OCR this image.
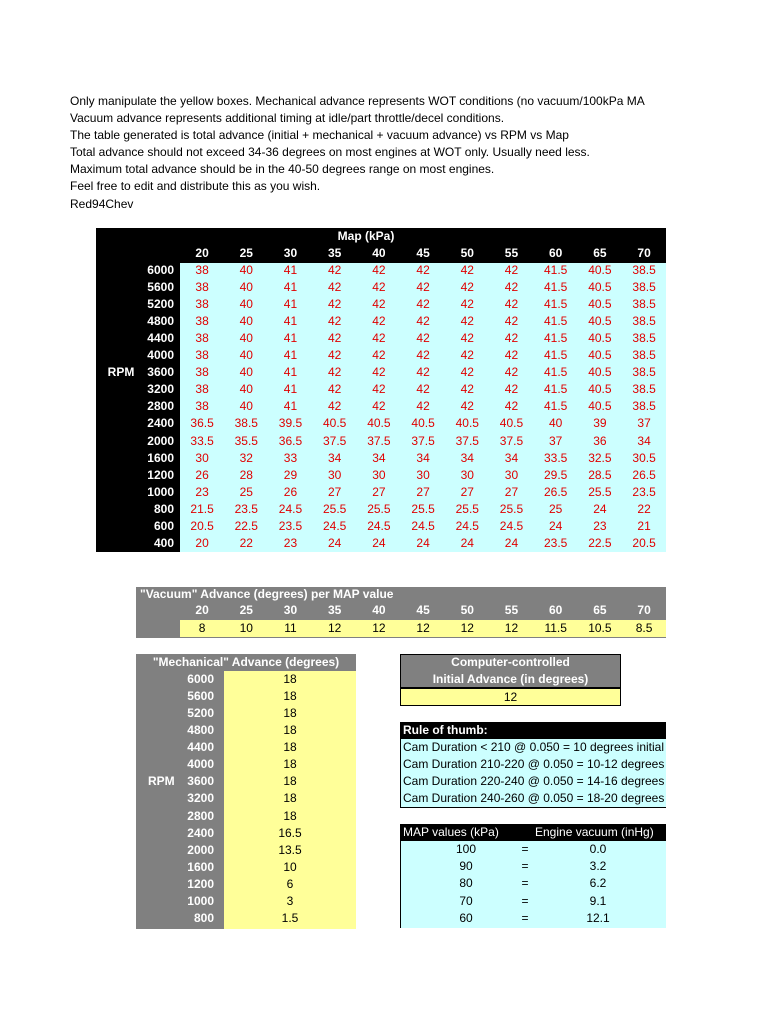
Only manipulate the yellow boxes. Mechanical advance represents WOT conditions (no vacuum/100kPa MA
Vacuum advance represents additional timing at idle/part throttle/decel conditions.
The table generated is total advance (initial + mechanical + vacuum advance) vs RPM vs Map
Total advance should not exceed 34-36 degrees on most engines at WOT only. Usually need less.
Maximum total advance should be in the 40-50 degrees range on most engines.
Feel free to edit and distribute this as you wish.
Red94Chev
Map (kPa)
RPM
20	25	30	35	40	45	50	55	60	65	70
6000	38	40	41	42	42	42	42	42	41.5	40.5	38.5
5600	38	40	41	42	42	42	42	42	41.5	40.5	38.5
5200	38	40	41	42	42	42	42	42	41.5	40.5	38.5
4800	38	40	41	42	42	42	42	42	41.5	40.5	38.5
4400	38	40	41	42	42	42	42	42	41.5	40.5	38.5
4000	38	40	41	42	42	42	42	42	41.5	40.5	38.5
3600	38	40	41	42	42	42	42	42	41.5	40.5	38.5
3200	38	40	41	42	42	42	42	42	41.5	40.5	38.5
2800	38	40	41	42	42	42	42	42	41.5	40.5	38.5
2400	36.5	38.5	39.5	40.5	40.5	40.5	40.5	40.5	40	39	37
2000	33.5	35.5	36.5	37.5	37.5	37.5	37.5	37.5	37	36	34
1600	30	32	33	34	34	34	34	34	33.5	32.5	30.5
1200	26	28	29	30	30	30	30	30	29.5	28.5	26.5
1000	23	25	26	27	27	27	27	27	26.5	25.5	23.5
800	21.5	23.5	24.5	25.5	25.5	25.5	25.5	25.5	25	24	22
600	20.5	22.5	23.5	24.5	24.5	24.5	24.5	24.5	24	23	21
400	20	22	23	24	24	24	24	24	23.5	22.5	20.5
"Vacuum" Advance (degrees) per MAP value
20	25	30	35	40	45	50	55	60	65	70
8	10	11	12	12	12	12	12	11.5	10.5	8.5
"Mechanical" Advance (degrees)
RPM
6000	18
5600	18
5200	18
4800	18
4400	18
4000	18
3600	18
3200	18
2800	18
2400	16.5
2000	13.5
1600	10
1200	6
1000	3
800	1.5
Computer-controlled
Initial Advance (in degrees)
12
Rule of thumb:
Cam Duration < 210 @ 0.050 = 10 degrees initial
Cam Duration 210-220 @ 0.050 = 10-12 degrees
Cam Duration 220-240 @ 0.050 = 14-16 degrees
Cam Duration 240-260 @ 0.050 = 18-20 degrees
MAP values (kPa)	Engine vacuum (inHg)
100	=	0.0
90	=	3.2
80	=	6.2
70	=	9.1
60	=	12.1
